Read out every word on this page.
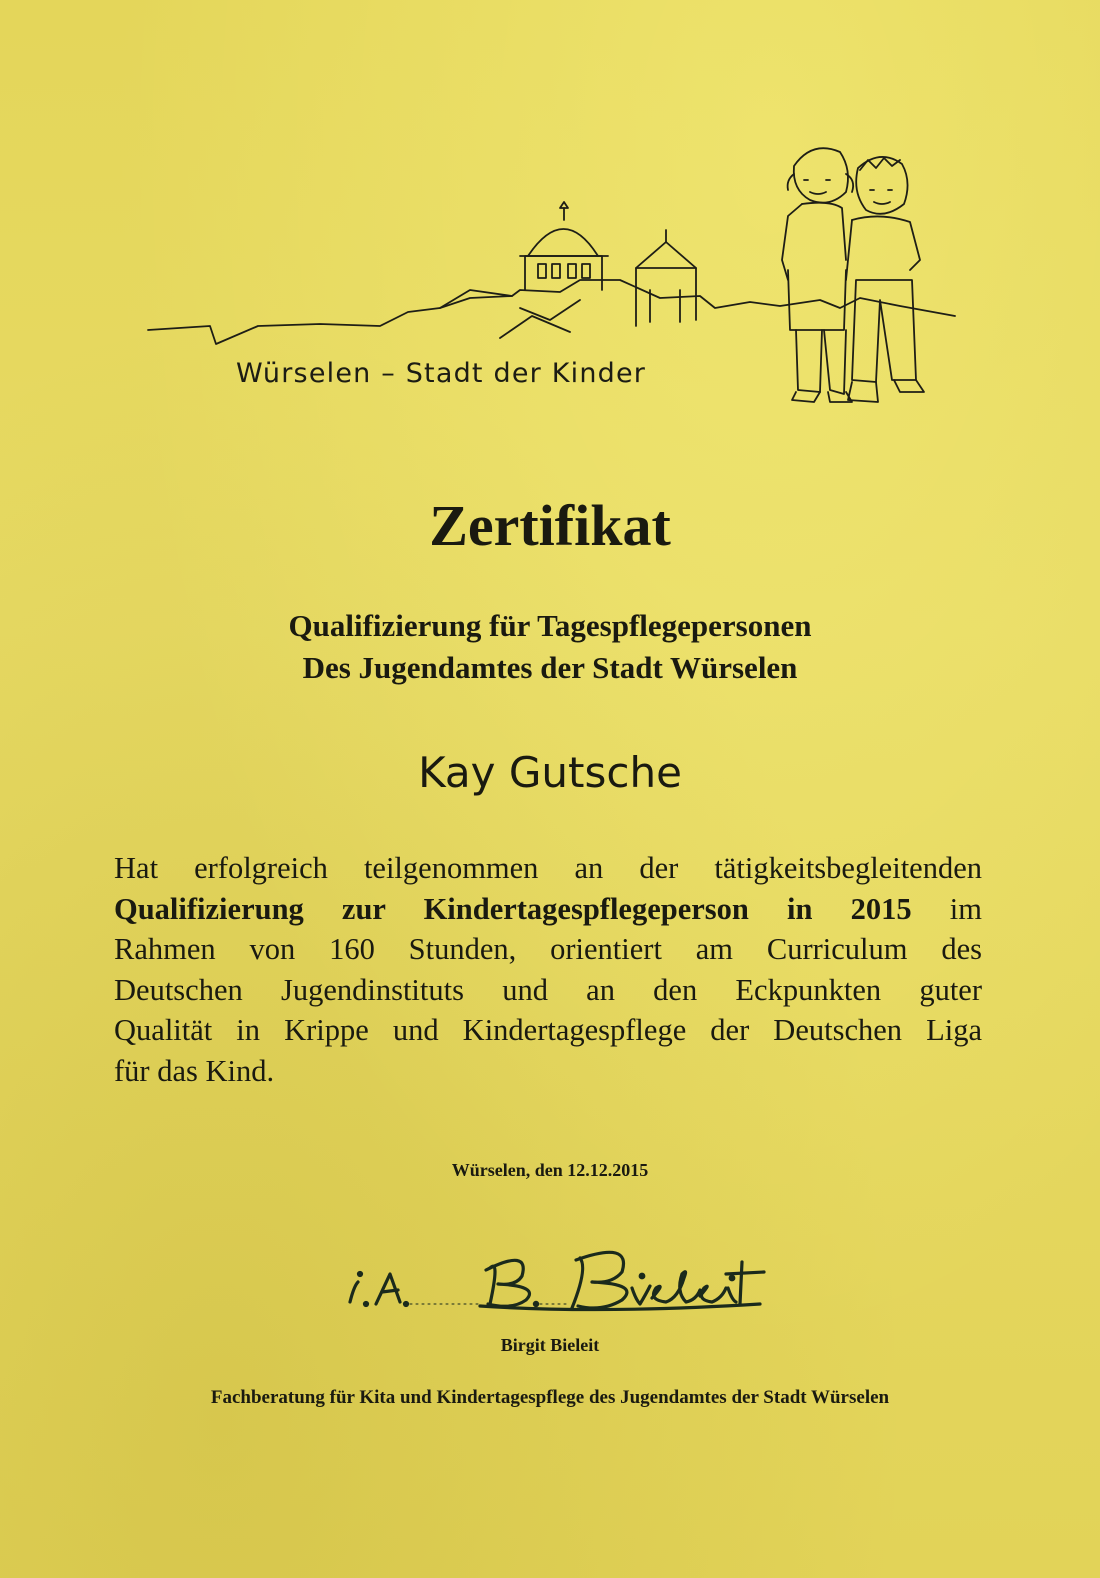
Würselen – Stadt der Kinder
Zertifikat
Qualifizierung für Tagespflegepersonen
Des Jugendamtes der Stadt Würselen
Kay Gutsche
Hat erfolgreich teilgenommen an der tätigkeitsbegleitenden
Qualifizierung zur Kindertagespflegeperson in 2015 im
Rahmen von 160 Stunden, orientiert am Curriculum des
Deutschen Jugendinstituts und an den Eckpunkten guter
Qualität in Krippe und Kindertagespflege der Deutschen Liga
für das Kind.
Würselen, den 12.12.2015
Birgit Bieleit
Fachberatung für Kita und Kindertagespflege des Jugendamtes der Stadt Würselen
